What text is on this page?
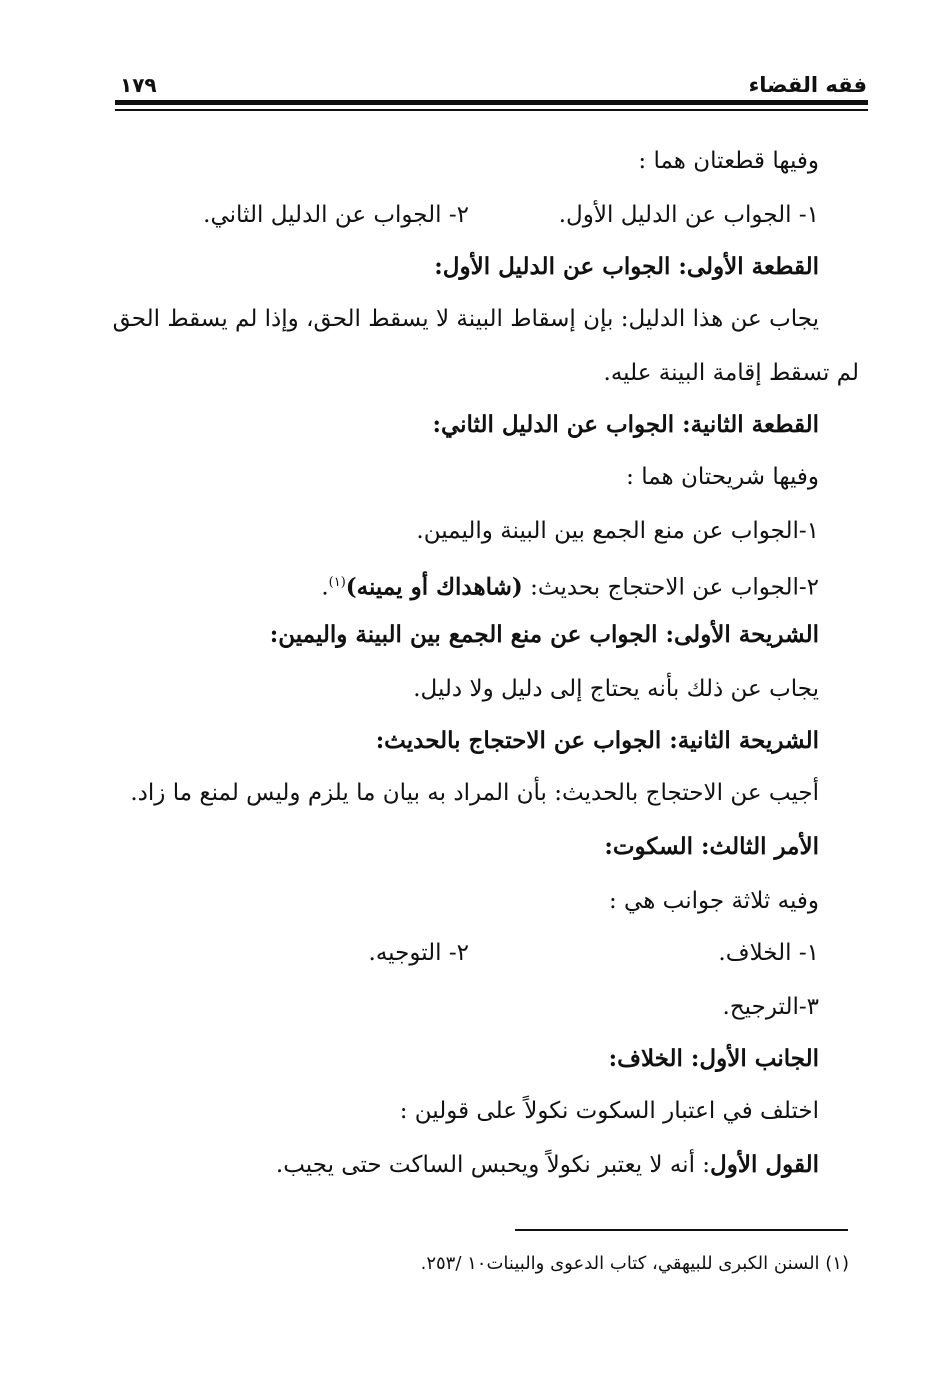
فقه القضاء
١٧٩
وفيها قطعتان هما :
١- الجواب عن الدليل الأول.
٢- الجواب عن الدليل الثاني.
القطعة الأولى: الجواب عن الدليل الأول:
يجاب عن هذا الدليل: بإن إسقاط البينة لا يسقط الحق، وإذا لم يسقط الحق
لم تسقط إقامة البينة عليه.
القطعة الثانية: الجواب عن الدليل الثاني:
وفيها شريحتان هما :
١-الجواب عن منع الجمع بين البينة واليمين.
٢-الجواب عن الاحتجاج بحديث: (شاهداك أو يمينه)$^{(١)}$.
الشريحة الأولى: الجواب عن منع الجمع بين البينة واليمين:
يجاب عن ذلك بأنه يحتاج إلى دليل ولا دليل.
الشريحة الثانية: الجواب عن الاحتجاج بالحديث:
أجيب عن الاحتجاج بالحديث: بأن المراد به بيان ما يلزم وليس لمنع ما زاد.
الأمر الثالث: السكوت:
وفيه ثلاثة جوانب هي :
١- الخلاف.
٢- التوجيه.
٣-الترجيح.
الجانب الأول: الخلاف:
اختلف في اعتبار السكوت نكولاً على قولين :
القول الأول: أنه لا يعتبر نكولاً ويحبس الساكت حتى يجيب.
(١) السنن الكبرى للبيهقي، كتاب الدعوى والبينات١٠ /٢٥٣.
